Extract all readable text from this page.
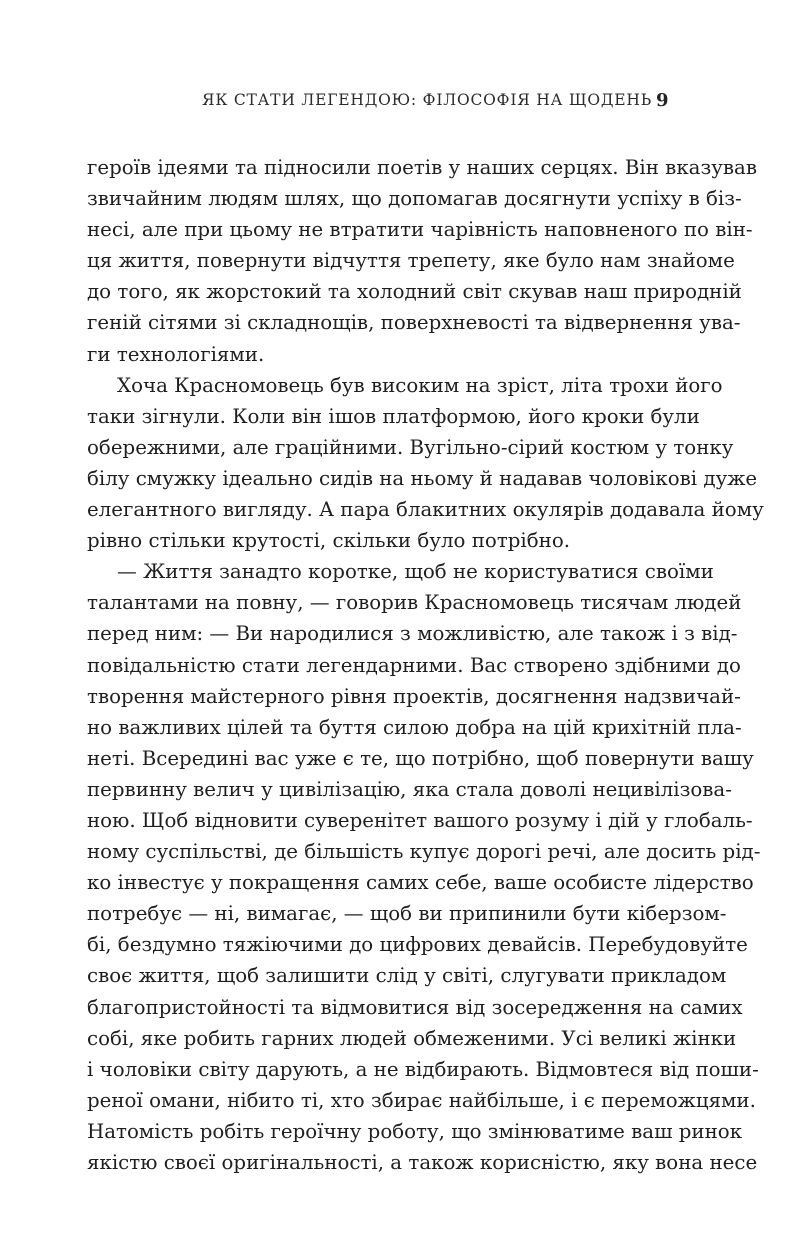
ЯК СТАТИ ЛЕГЕНДОЮ: ФІЛОСОФІЯ НА ЩОДЕНЬ 9
героїв ідеями та підносили поетів у наших серцях. Він вказував
звичайним людям шлях, що допомагав досягнути успіху в біз-
несі, але при цьому не втратити чарівність наповненого по він-
ця життя, повернути відчуття трепету, яке було нам знайоме
до того, як жорстокий та холодний світ скував наш природній
геній сітями зі складнощів, поверхневості та відвернення ува-
ги технологіями.
Хоча Красномовець був високим на зріст, літа трохи його
таки зігнули. Коли він ішов платформою, його кроки були
обережними, але граційними. Вугільно-сірий костюм у тонку
білу смужку ідеально сидів на ньому й надавав чоловікові дуже
елегантного вигляду. А пара блакитних окулярів додавала йому
рівно стільки крутості, скільки було потрібно.
— Життя занадто коротке, щоб не користуватися своїми
талантами на повну, — говорив Красномовець тисячам людей
перед ним: — Ви народилися з можливістю, але також і з від-
повідальністю стати легендарними. Вас створено здібними до
творення майстерного рівня проектів, досягнення надзвичай-
но важливих цілей та буття силою добра на цій крихітній пла-
неті. Всередині вас уже є те, що потрібно, щоб повернути вашу
первинну велич у цивілізацію, яка стала доволі нецивілізова-
ною. Щоб відновити суверенітет вашого розуму і дій у глобаль-
ному суспільстві, де більшість купує дорогі речі, але досить рід-
ко інвестує у покращення самих себе, ваше особисте лідерство
потребує — ні, вимагає, — щоб ви припинили бути кіберзом-
бі, бездумно тяжіючими до цифрових девайсів. Перебудовуйте
своє життя, щоб залишити слід у світі, слугувати прикладом
благопристойності та відмовитися від зосередження на самих
собі, яке робить гарних людей обмеженими. Усі великі жінки
і чоловіки світу дарують, а не відбирають. Відмовтеся від поши-
реної омани, нібито ті, хто збирає найбільше, і є переможцями.
Натомість робіть героїчну роботу, що змінюватиме ваш ринок
якістю своєї оригінальності, а також корисністю, яку вона несе
